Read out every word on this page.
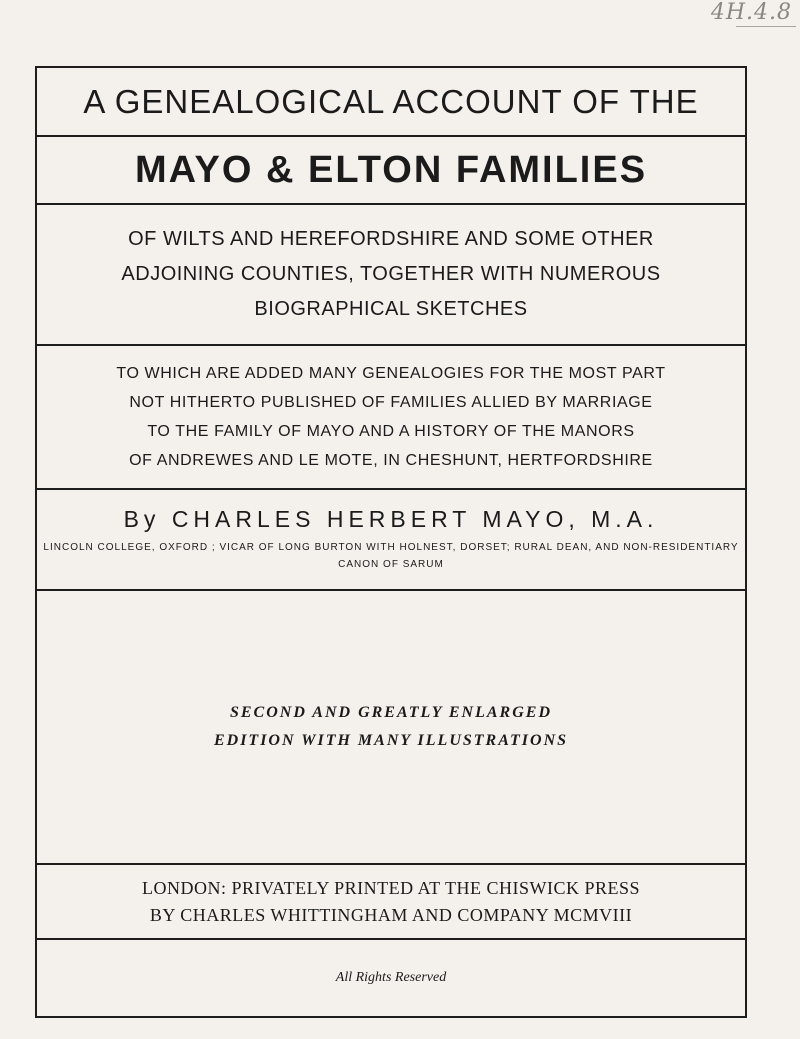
4H.4.8
A GENEALOGICAL ACCOUNT OF THE
MAYO & ELTON FAMILIES
OF WILTS AND HEREFORDSHIRE AND SOME OTHER
ADJOINING COUNTIES, TOGETHER WITH NUMEROUS
BIOGRAPHICAL SKETCHES
TO WHICH ARE ADDED MANY GENEALOGIES FOR THE MOST PART
NOT HITHERTO PUBLISHED OF FAMILIES ALLIED BY MARRIAGE
TO THE FAMILY OF MAYO AND A HISTORY OF THE MANORS
OF ANDREWES AND LE MOTE, IN CHESHUNT, HERTFORDSHIRE
By CHARLES HERBERT MAYO, M.A.
LINCOLN COLLEGE, OXFORD ; VICAR OF LONG BURTON WITH HOLNEST, DORSET; RURAL DEAN, AND NON-RESIDENTIARY CANON OF SARUM
SECOND AND GREATLY ENLARGED
EDITION WITH MANY ILLUSTRATIONS
LONDON: PRIVATELY PRINTED AT THE CHISWICK PRESS
BY CHARLES WHITTINGHAM AND COMPANY MCMVIII
All Rights Reserved
